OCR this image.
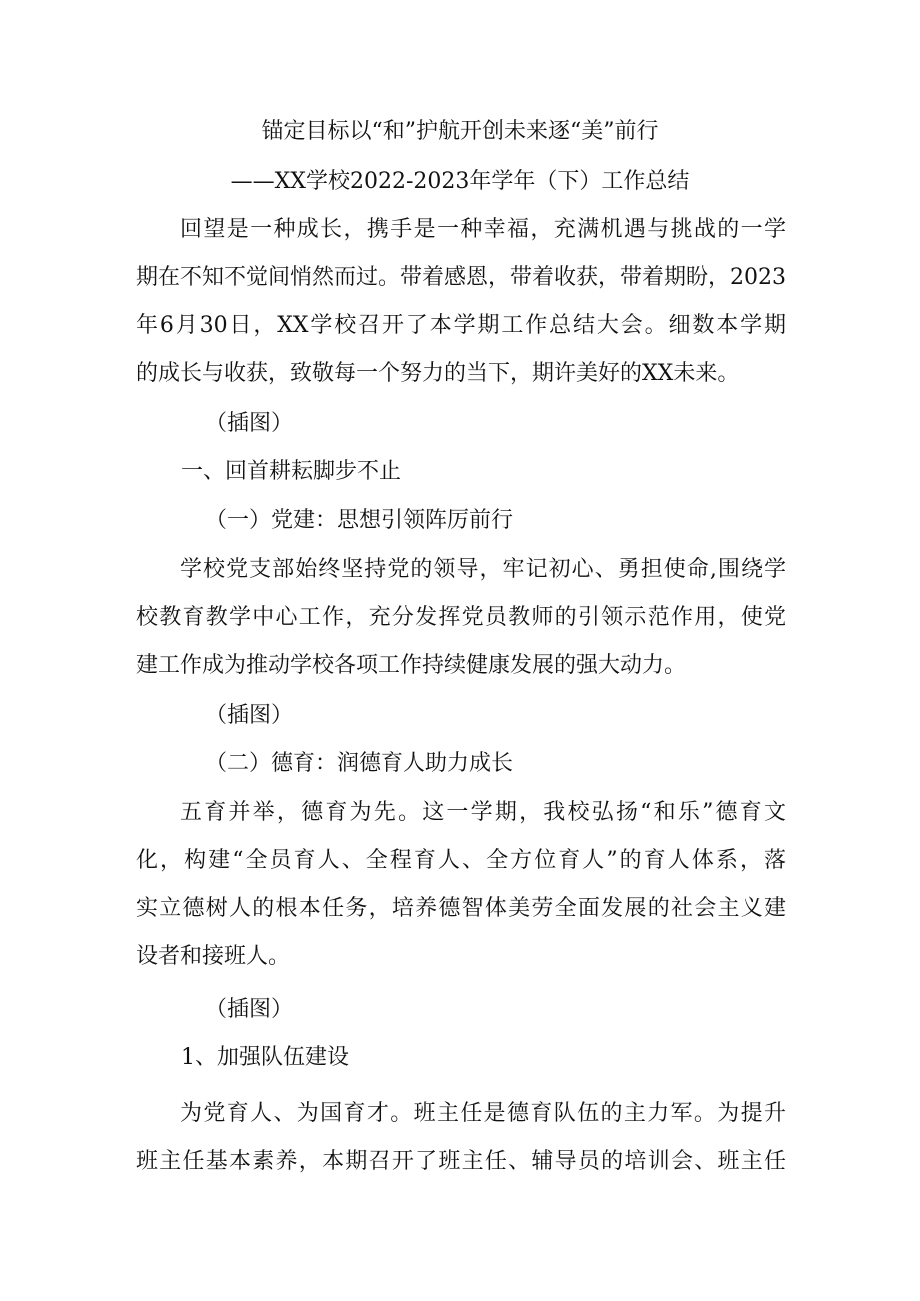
锚定目标以“和”护航开创未来逐“美”前行
——XX学校2022-2023年学年（下）工作总结
回望是一种成长，携手是一种幸福，充满机遇与挑战的一学
期在不知不觉间悄然而过。带着感恩，带着收获，带着期盼，2023
年6月30日，XX学校召开了本学期工作总结大会。细数本学期
的成长与收获，致敬每一个努力的当下，期许美好的XX未来。
（插图）
一、回首耕耘脚步不止
（一）党建：思想引领阵厉前行
学校党支部始终坚持党的领导，牢记初心、勇担使命,围绕学
校教育教学中心工作，充分发挥党员教师的引领示范作用，使党
建工作成为推动学校各项工作持续健康发展的强大动力。
（插图）
（二）德育：润德育人助力成长
五育并举，德育为先。这一学期，我校弘扬“和乐”德育文
化，构建“全员育人、全程育人、全方位育人”的育人体系，落
实立德树人的根本任务，培养德智体美劳全面发展的社会主义建
设者和接班人。
（插图）
1、加强队伍建设
为党育人、为国育才。班主任是德育队伍的主力军。为提升
班主任基本素养，本期召开了班主任、辅导员的培训会、班主任
